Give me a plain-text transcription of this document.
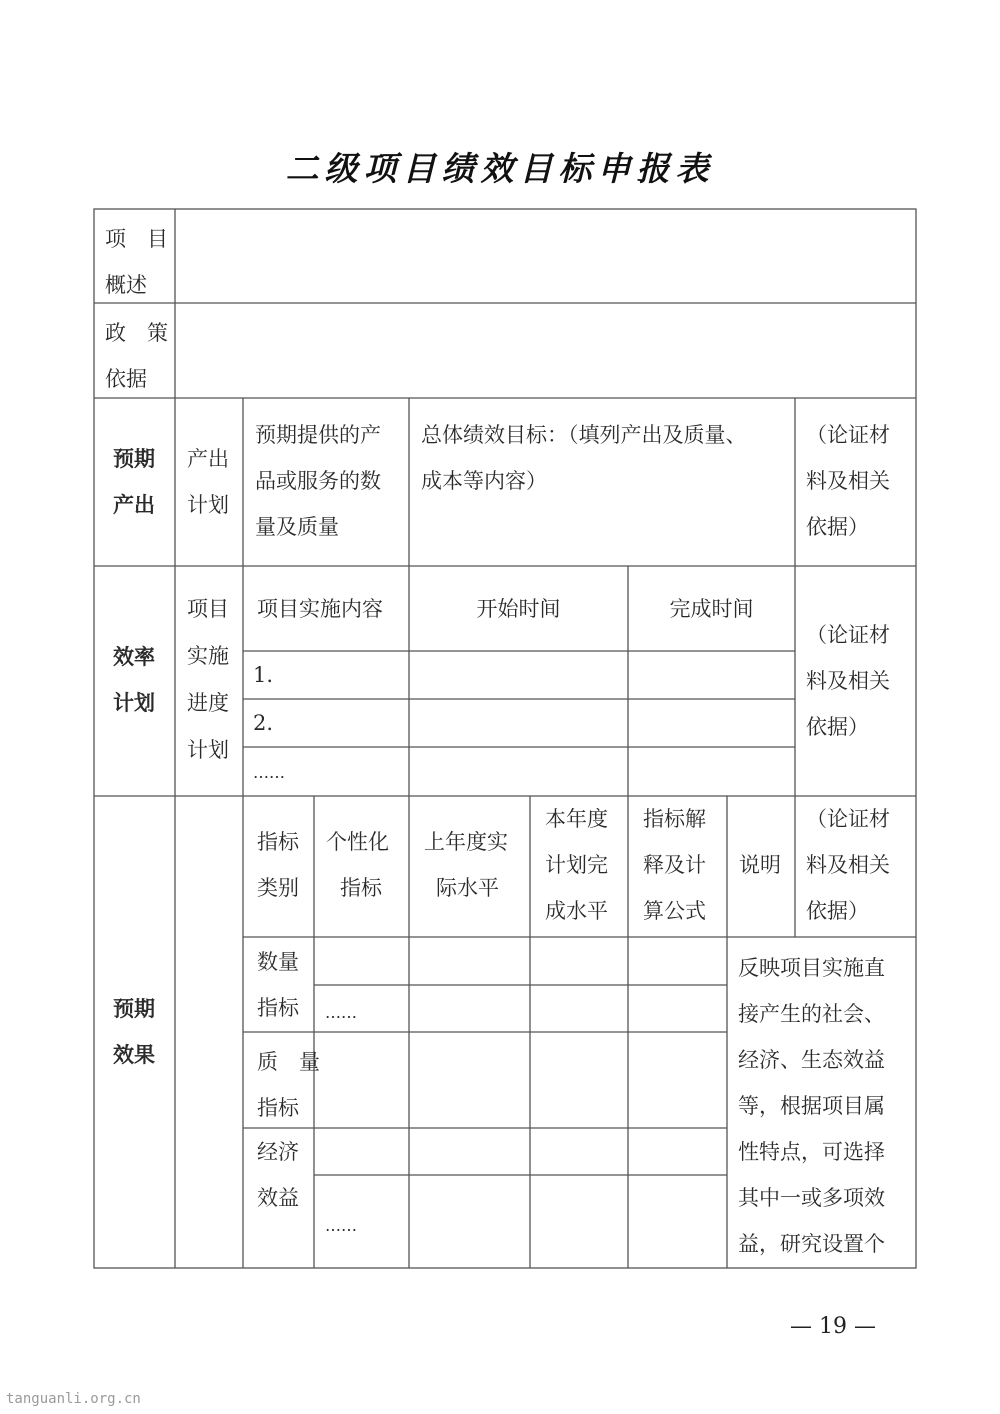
二级项目绩效目标申报表
项　目
概述
政　策
依据
预期
产出
产出
计划
预期提供的产
品或服务的数
量及质量
总体绩效目标：（填列产出及质量、
成本等内容）
（论证材
料及相关
依据）
效率
计划
项目
实施
进度
计划
项目实施内容	开始时间	完成时间
1.
2.
……
（论证材
料及相关
依据）
预期
效果
指标
类别
个性化
指标
上年度实
际水平
本年度
计划完
成水平
指标解
释及计
算公式
说明
（论证材
料及相关
依据）
数量
指标 ……
质　量
指标
经济
效益
……
反映项目实施直
接产生的社会、
经济、生态效益
等，根据项目属
性特点，可选择
其中一或多项效
益，研究设置个
— 19 —
tanguanli.org.cn
